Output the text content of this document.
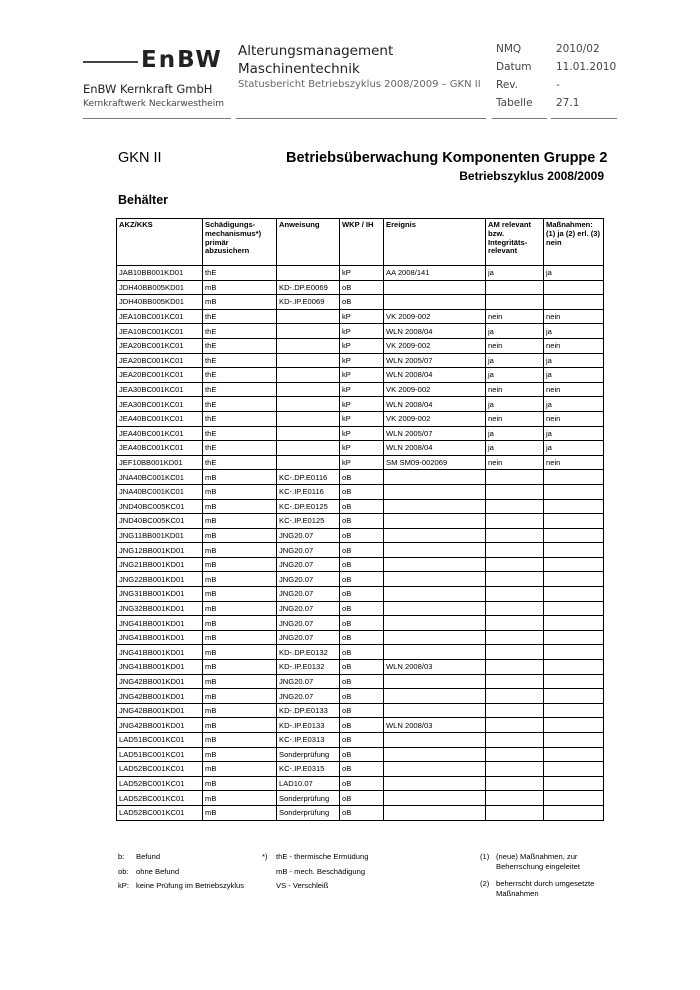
EnBW
EnBW Kernkraft GmbH
Kernkraftwerk Neckarwestheim
Alterungsmanagement
Maschinentechnik
Statusbericht Betriebszyklus 2008/2009 – GKN II
NMQ	2010/02
Datum 11.01.2010
Rev.	-
Tabelle 27.1
GKN II	Betriebsüberwachung Komponenten Gruppe 2
Betriebszyklus 2008/2009
Behälter
AKZ/KKS	Schädigungs-mechanismus*) primär abzusichern	Anweisung	WKP / IH	Ereignis	AM relevant bzw. Integritäts-relevant	Maßnahmen: (1) ja (2) erl. (3) nein
JAB10BB001KD01	thE		kP	AA 2008/141	ja	ja
JDH40BB005KD01	mB	KD-.DP.E0069	oB			
JDH40BB005KD01	mB	KD-.IP.E0069	oB			
JEA10BC001KC01	thE		kP	VK 2009-002	nein	nein
JEA10BC001KC01	thE		kP	WLN 2008/04	ja	ja
JEA20BC001KC01	thE		kP	VK 2009-002	nein	nein
JEA20BC001KC01	thE		kP	WLN 2005/07	ja	ja
JEA20BC001KC01	thE		kP	WLN 2008/04	ja	ja
JEA30BC001KC01	thE		kP	VK 2009-002	nein	nein
JEA30BC001KC01	thE		kP	WLN 2008/04	ja	ja
JEA40BC001KC01	thE		kP	VK 2009-002	nein	nein
JEA40BC001KC01	thE		kP	WLN 2005/07	ja	ja
JEA40BC001KC01	thE		kP	WLN 2008/04	ja	ja
JEF10BB001KD01	thE		kP	SM SM09-002069	nein	nein
JNA40BC001KC01	mB	KC-.DP.E0116	oB			
JNA40BC001KC01	mB	KC-.IP.E0116	oB			
JND40BC005KC01	mB	KC-.DP.E0125	oB			
JND40BC005KC01	mB	KC-.IP.E0125	oB			
JNG11BB001KD01	mB	JNG20.07	oB			
JNG12BB001KD01	mB	JNG20.07	oB			
JNG21BB001KD01	mB	JNG20.07	oB			
JNG22BB001KD01	mB	JNG20.07	oB			
JNG31BB001KD01	mB	JNG20.07	oB			
JNG32BB001KD01	mB	JNG20.07	oB			
JNG41BB001KD01	mB	JNG20.07	oB			
JNG41BB001KD01	mB	JNG20.07	oB			
JNG41BB001KD01	mB	KD-.DP.E0132	oB			
JNG41BB001KD01	mB	KD-.IP.E0132	oB	WLN 2008/03		
JNG42BB001KD01	mB	JNG20.07	oB			
JNG42BB001KD01	mB	JNG20.07	oB			
JNG42BB001KD01	mB	KD-.DP.E0133	oB			
JNG42BB001KD01	mB	KD-.IP.E0133	oB	WLN 2008/03		
LAD51BC001KC01	mB	KC-.IP.E0313	oB			
LAD51BC001KC01	mB	Sonderprüfung	oB			
LAD52BC001KC01	mB	KC-.IP.E0315	oB			
LAD52BC001KC01	mB	LAD10.07	oB			
LAD52BC001KC01	mB	Sonderprüfung	oB			
LAD52BC001KC01	mB	Sonderprüfung	oB			
b: Befund
ob: ohne Befund
kP: keine Prüfung im Betriebszyklus
*) thE - thermische Ermüdung
mB - mech. Beschädigung
VS - Verschleiß
(1) (neue) Maßnahmen, zur Beherrschung eingeleitet
(2) beherrscht durch umgesetzte Maßnahmen
